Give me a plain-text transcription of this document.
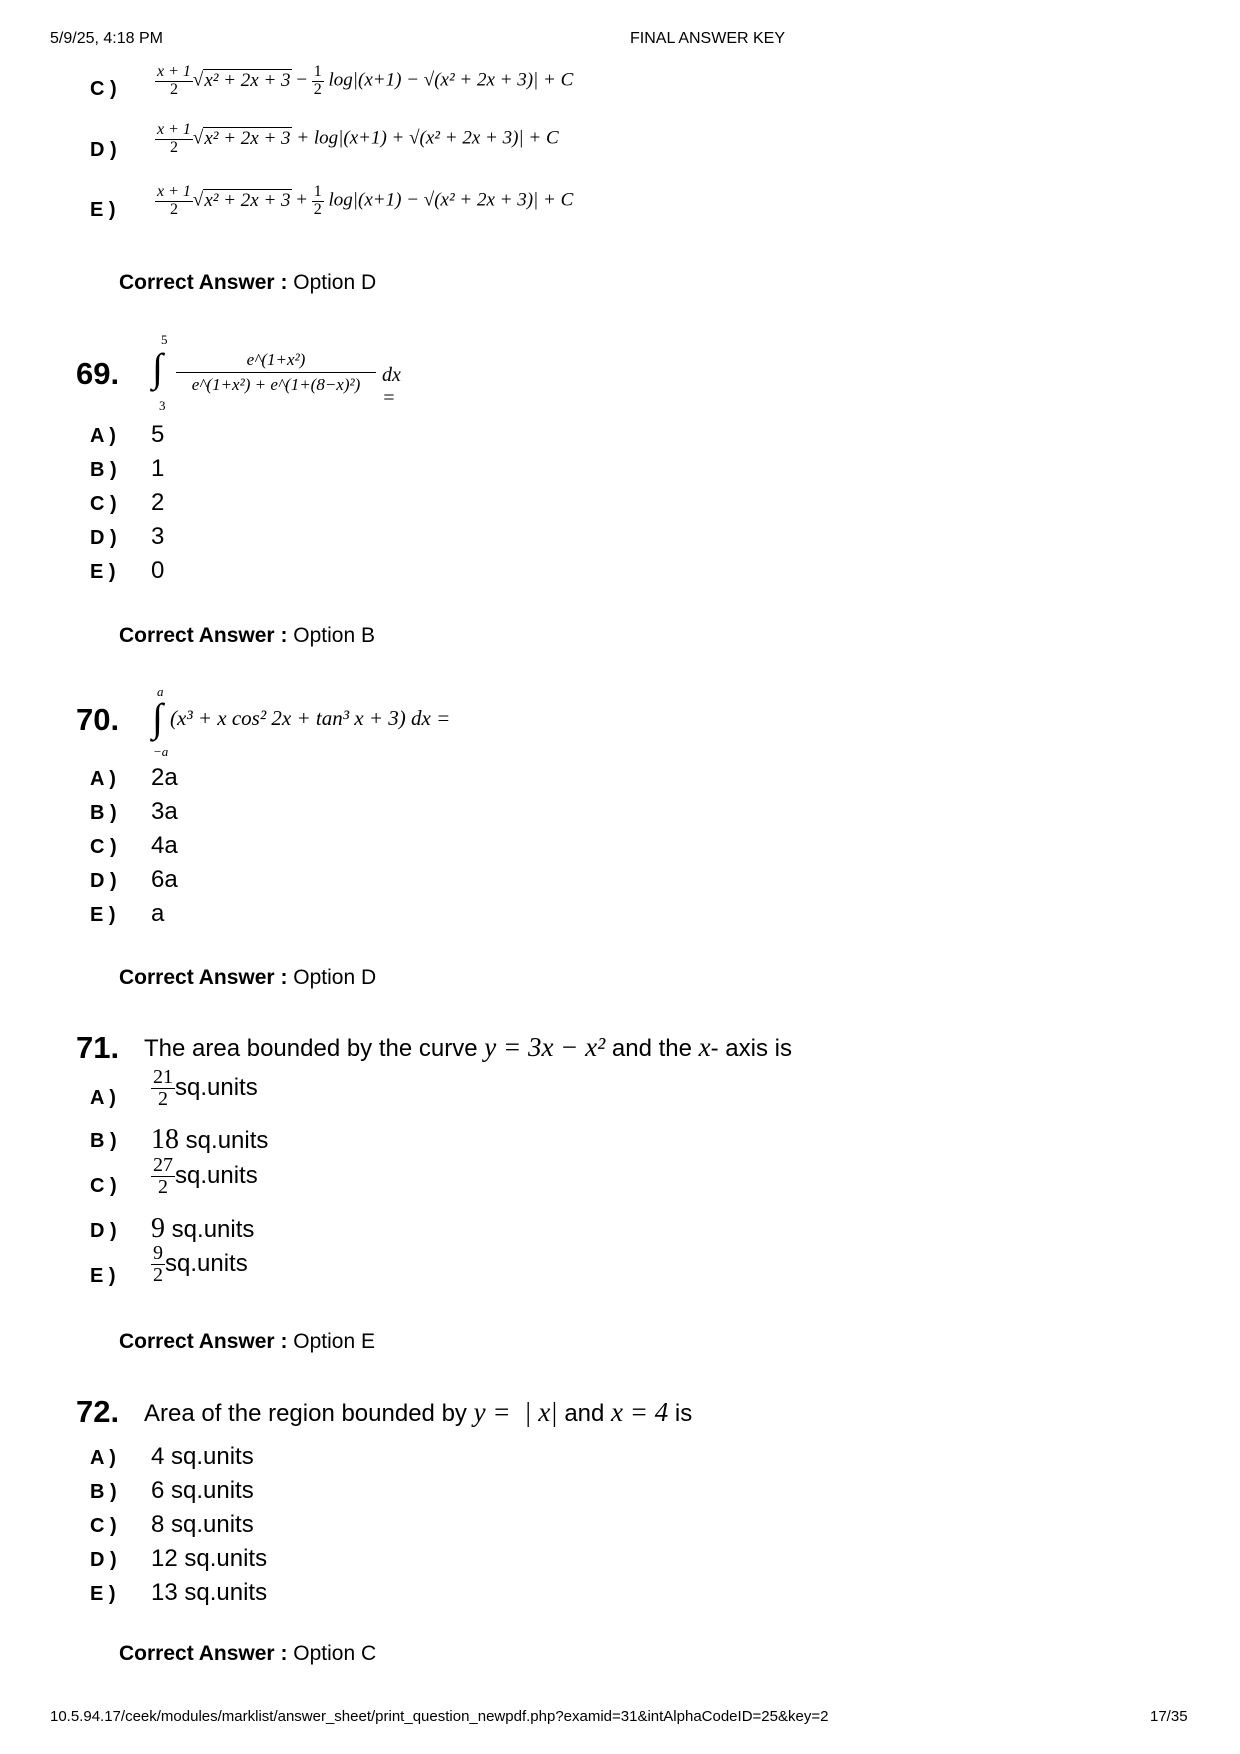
5/9/25, 4:18 PM	FINAL ANSWER KEY
C ) $\frac{x + 1}{2} √x^2 + 2x + 3 - \frac{1}{2} \log|(x+1) - √(x^2 + 2x + 3)| + C$
D ) $\frac{x + 1}{2} √x^2 + 2x + 3 + \log|(x+1) + √(x^2 + 2x + 3)| + C$
E ) $\frac{x + 1}{2} √x^2 + 2x + 3 + \frac{1}{2} \log|(x+1) - √(x^2 + 2x + 3)| + C$
Correct Answer : Option D
69.
5
∫
3
e^(1+x²)
e^(1+x²) + e^(1+(8−x)²)	dx =
A ) 5
B ) 1
C ) 2
D ) 3
E ) 0
Correct Answer : Option B
70.
a
∫
−a
(x³ + x cos² 2x + tan³ x + 3) dx =
A ) 2a
B ) 3a
C ) 4a
D ) 6a
E ) a
Correct Answer : Option D
71. The area bounded by the curve y = 3x − x² and the x- axis is
A ) $\frac{21}{2}$ sq.units
B ) 18 sq.units
C ) $\frac{27}{2}$ sq.units
D ) 9 sq.units
E ) $\frac{9}{2}$ sq.units
Correct Answer : Option E
72. Area of the region bounded by y =  | x| and x = 4 is
A ) 4 sq.units
B ) 6 sq.units
C ) 8 sq.units
D ) 12 sq.units
E ) 13 sq.units
Correct Answer : Option C
10.5.94.17/ceek/modules/marklist/answer_sheet/print_question_newpdf.php?examid=31&intAlphaCodeID=25&key=2	17/35
